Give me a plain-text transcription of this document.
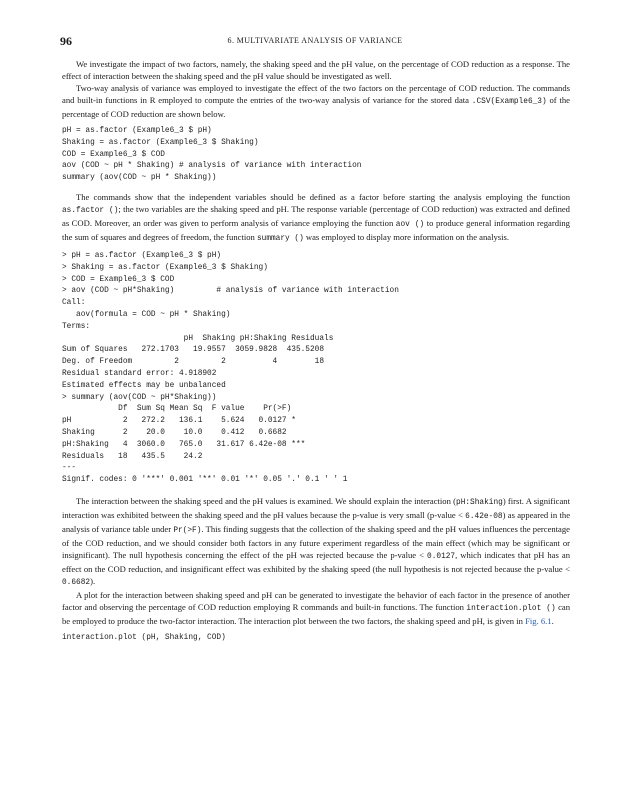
96	6. MULTIVARIATE ANALYSIS OF VARIANCE

We investigate the impact of two factors, namely, the shaking speed and the pH value, on the percentage of COD reduction as a response. The effect of interaction between the shaking speed and the pH value should be investigated as well.

Two-way analysis of variance was employed to investigate the effect of the two factors on the percentage of COD reduction. The commands and built-in functions in R employed to compute the entries of the two-way analysis of variance for the stored data .CSV(Example6_3) of the percentage of COD reduction are shown below.

pH = as.factor (Example6_3 $ pH)
Shaking = as.factor (Example6_3 $ Shaking)
COD = Example6_3 $ COD
aov (COD ~ pH * Shaking) # analysis of variance with interaction
summary (aov(COD ~ pH * Shaking))

The commands show that the independent variables should be defined as a factor before starting the analysis employing the function as.factor (); the two variables are the shaking speed and pH. The response variable (percentage of COD reduction) was extracted and defined as COD. Moreover, an order was given to perform analysis of variance employing the function aov () to produce general information regarding the sum of squares and degrees of freedom, the function summary () was employed to display more information on the analysis.

> pH = as.factor (Example6_3 $ pH)
> Shaking = as.factor (Example6_3 $ Shaking)
> COD = Example6_3 $ COD
> aov (COD ~ pH*Shaking)         # analysis of variance with interaction
Call:
aov(formula = COD ~ pH * Shaking)
Terms:
pH  Shaking pH:Shaking Residuals
Sum of Squares   272.1703   19.9557  3059.9828  435.5208
Deg. of Freedom         2         2          4        18
Residual standard error: 4.918902
Estimated effects may be unbalanced
> summary (aov(COD ~ pH*Shaking))
Df  Sum Sq Mean Sq  F value    Pr(>F)
pH           2   272.2   136.1    5.624   0.0127 *
Shaking      2    20.0    10.0    0.412   0.6682
pH:Shaking   4  3060.0   765.0   31.617 6.42e-08 ***
Residuals   18   435.5    24.2
---
Signif. codes: 0 '***' 0.001 '**' 0.01 '*' 0.05 '.' 0.1 ' ' 1

The interaction between the shaking speed and the pH values is examined. We should explain the interaction (pH:Shaking) first. A significant interaction was exhibited between the shaking speed and the pH values because the p-value is very small (p-value < 6.42e-08) as appeared in the analysis of variance table under Pr(>F). This finding suggests that the collection of the shaking speed and the pH values influences the percentage of the COD reduction, and we should consider both factors in any future experiment regardless of the main effect (which may be significant or insignificant). The null hypothesis concerning the effect of the pH was rejected because the p-value < 0.0127, which indicates that pH has an effect on the COD reduction, and insignificant effect was exhibited by the shaking speed (the null hypothesis is not rejected because the p-value < 0.6682).

A plot for the interaction between shaking speed and pH can be generated to investigate the behavior of each factor in the presence of another factor and observing the percentage of COD reduction employing R commands and built-in functions. The function interaction.plot () can be employed to produce the two-factor interaction. The interaction plot between the two factors, the shaking speed and pH, is given in Fig. 6.1.

interaction.plot (pH, Shaking, COD)
